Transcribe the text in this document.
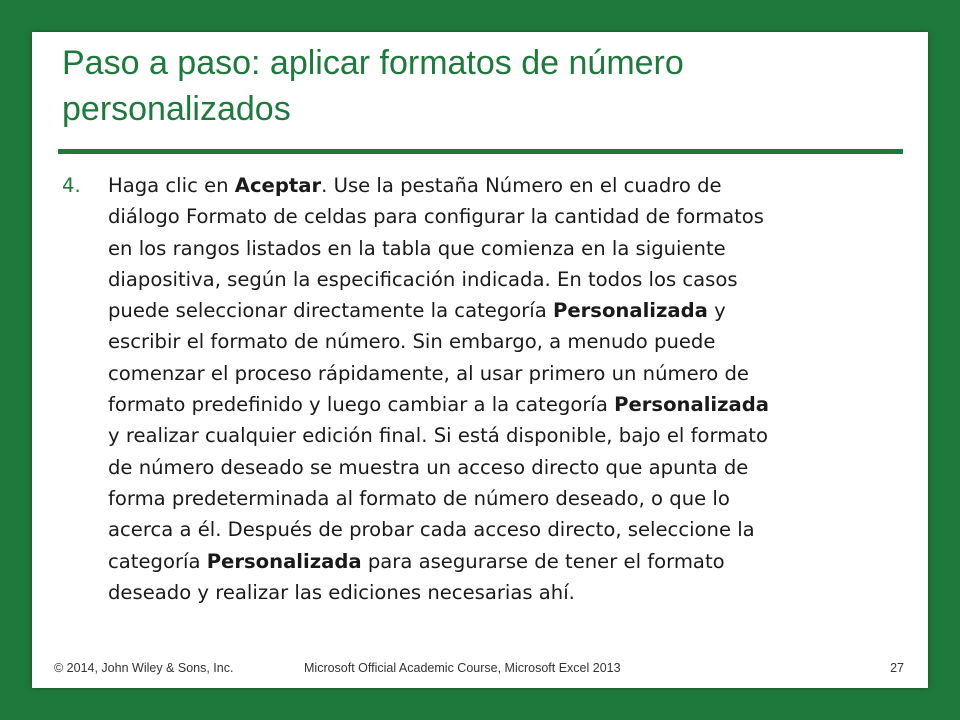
Paso a paso: aplicar formatos de número
personalizados
4. Haga clic en Aceptar. Use la pestaña Número en el cuadro de
diálogo Formato de celdas para configurar la cantidad de formatos
en los rangos listados en la tabla que comienza en la siguiente
diapositiva, según la especificación indicada. En todos los casos
puede seleccionar directamente la categoría Personalizada y
escribir el formato de número. Sin embargo, a menudo puede
comenzar el proceso rápidamente, al usar primero un número de
formato predefinido y luego cambiar a la categoría Personalizada
y realizar cualquier edición final. Si está disponible, bajo el formato
de número deseado se muestra un acceso directo que apunta de
forma predeterminada al formato de número deseado, o que lo
acerca a él. Después de probar cada acceso directo, seleccione la
categoría Personalizada para asegurarse de tener el formato
deseado y realizar las ediciones necesarias ahí.
© 2014, John Wiley & Sons, Inc.	Microsoft Official Academic Course, Microsoft Excel 2013	27
